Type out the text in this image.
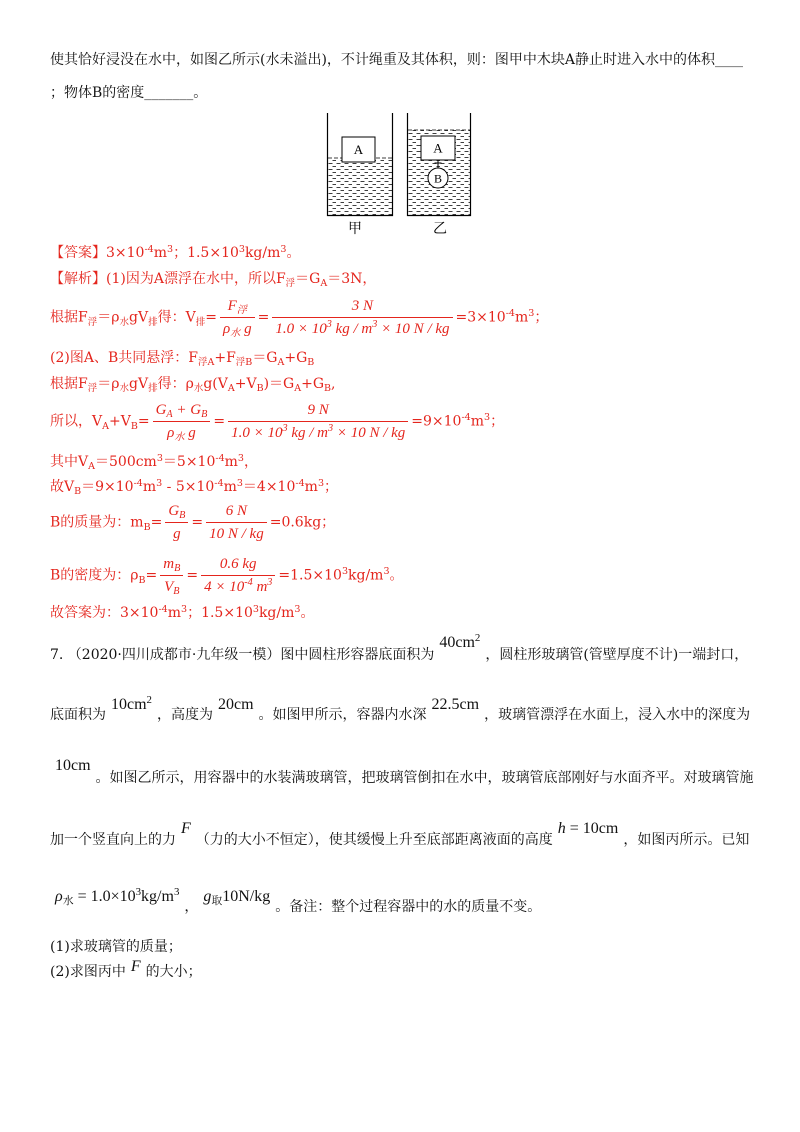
使其恰好浸没在水中，如图乙所示(水未溢出)，不计绳重及其体积，则：图甲中木块A静止时进入水中的体积____
；物体B的密度_______。
A	A
B
甲	乙
【答案】$3\times 10^{-4}m^3$；$1.5\times 10^3kg/m^3$。
【解析】(1)因为A漂浮在水中，所以$F_浮=G_A=3N$，
根据$F_浮=\rho_水gV_排$得：$V_排= \frac{F_浮}{\rho_水 g} = \frac{3 N}{1.0 \times 10^3 kg / m^3 \times 10 N / kg} =3\times 10^{-4}m^3$；
(2)图A、B共同悬浮：$F_{浮A}+F_{浮B}=G_A+G_B$
根据$F_浮=\rho_水gV_排$得：$\rho_水g(V_A+V_B)=G_A+G_B$,
所以，$V_A+V_B= \frac{G_A + G_B}{\rho_水 g} = \frac{9 N}{1.0 \times 10^3 kg / m^3 \times 10 N / kg} =9\times 10^{-4}m^3$；
其中$V_A=500cm^3=5\times 10^{-4}m^3$，
故$V_B=9\times 10^{-4}m^3 - 5\times 10^{-4}m^3=4\times 10^{-4}m^3$；
B的质量为：$m_B= \frac{G_B}{g} = \frac{6 N}{10 N / kg} =0.6kg$；
B的密度为：$\rho_B= \frac{m_B}{V_B} = \frac{0.6 kg}{4 \times 10^{-4} m^3} =1.5\times 10^3kg/m^3$。
故答案为：$3\times 10^{-4}m^3$；$1.5\times 10^3kg/m^3$。
7. （2020·四川成都市·九年级一模）图中圆柱形容器底面积为$40cm^2$，圆柱形玻璃管(管壁厚度不计)一端封口，
底面积为$10cm^2$，高度为20cm。如图甲所示，容器内水深22.5cm，玻璃管漂浮在水面上，浸入水中的深度为
10cm。如图乙所示，用容器中的水装满玻璃管，把玻璃管倒扣在水中，玻璃管底部刚好与水面齐平。对玻璃管施
加一个竖直向上的力F（力的大小不恒定），使其缓慢上升至底部距离液面的高度h = 10cm，如图丙所示。已知
$\rho_水 = 1.0\times 10^3kg/m^3$，$g_取10N/kg$。备注：整个过程容器中的水的质量不变。
(1)求玻璃管的质量；
(2)求图丙中 F 的大小；
